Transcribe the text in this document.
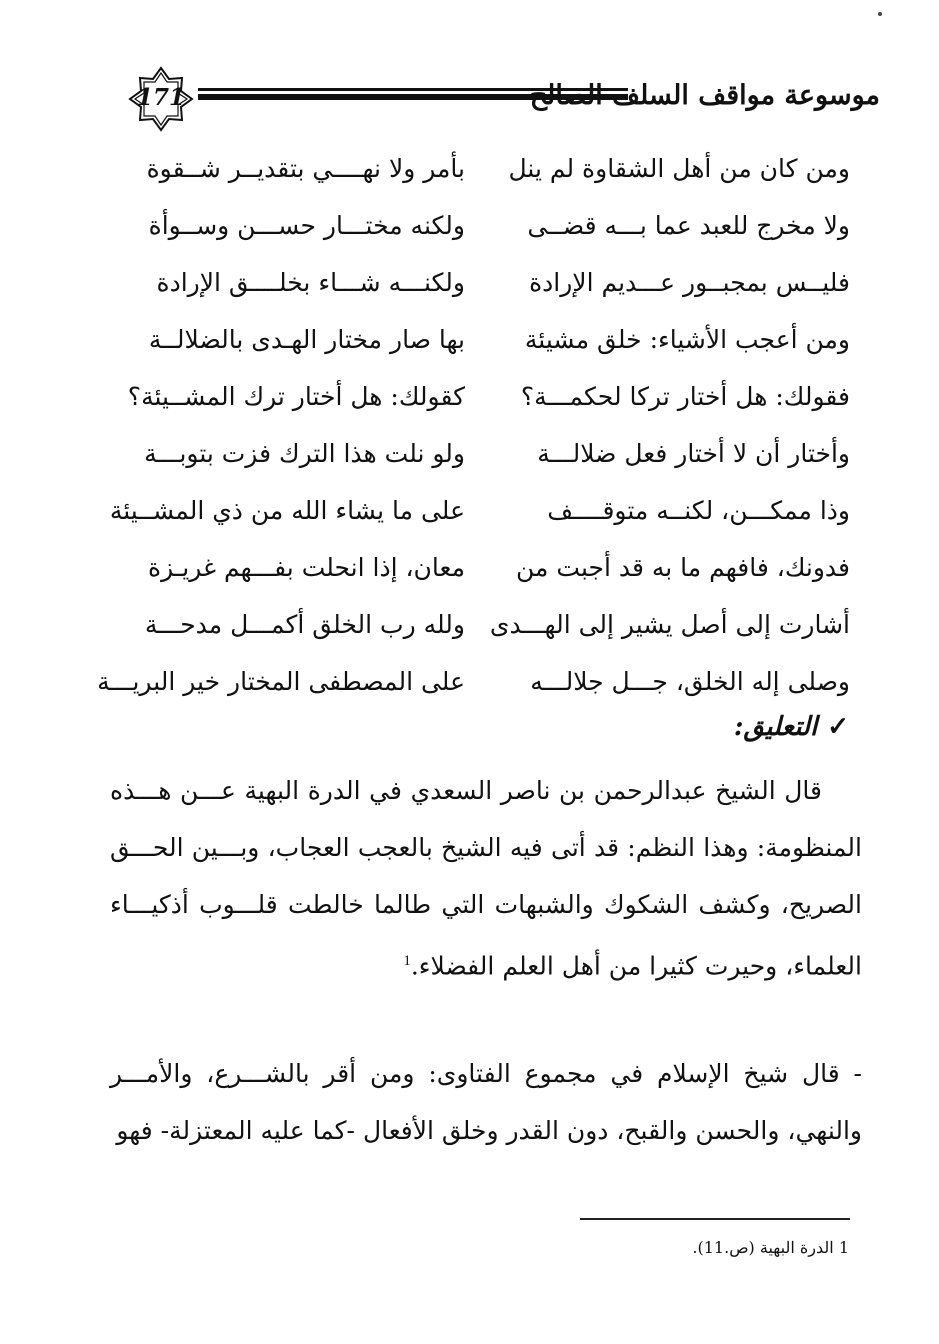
171	موسوعة مواقف السلف الصالح
ومن كان من أهل الشقاوة لم ينل
بأمر ولا نهــــي بتقديــر شــقوة
ولا مخرج للعبد عما بـــه قضــى
ولكنه مختـــار حســـن وســوأة
فليــس بمجبــور عـــديم الإرادة
ولكنـــه شـــاء بخلــــق الإرادة
ومن أعجب الأشياء: خلق مشيئة
بها صار مختار الهـدى بالضلالــة
فقولك: هل أختار تركا لحكمـــة؟
كقولك: هل أختار ترك المشــيئة؟
وأختار أن لا أختار فعل ضلالـــة
ولو نلت هذا الترك فزت بتوبـــة
وذا ممكـــن، لكنــه متوقــــف
على ما يشاء الله من ذي المشــيئة
فدونك، فافهم ما به قد أجبت من
معان، إذا انحلت بفـــهم غريـزة
أشارت إلى أصل يشير إلى الهـــدى
ولله رب الخلق أكمـــل مدحـــة
وصلى إله الخلق، جـــل جلالـــه
على المصطفى المختار خير البريـــة
✓التعليق:

قال الشيخ عبدالرحمن بن ناصر السعدي في الدرة البهية عـــن هـــذه المنظومة: وهذا النظم: قد أتى فيه الشيخ بالعجب العجاب، وبـــين الحـــق الصريح، وكشف الشكوك والشبهات التي طالما خالطت قلـــوب أذكيـــاء العلماء، وحيرت كثيرا من أهل العلم الفضلاء.$^1$

- قال شيخ الإسلام في مجموع الفتاوى: ومن أقر بالشـــرع، والأمـــر والنهي، والحسن والقبح، دون القدر وخلق الأفعال -كما عليه المعتزلة- فهو

1 الدرة البهية (ص.11).
